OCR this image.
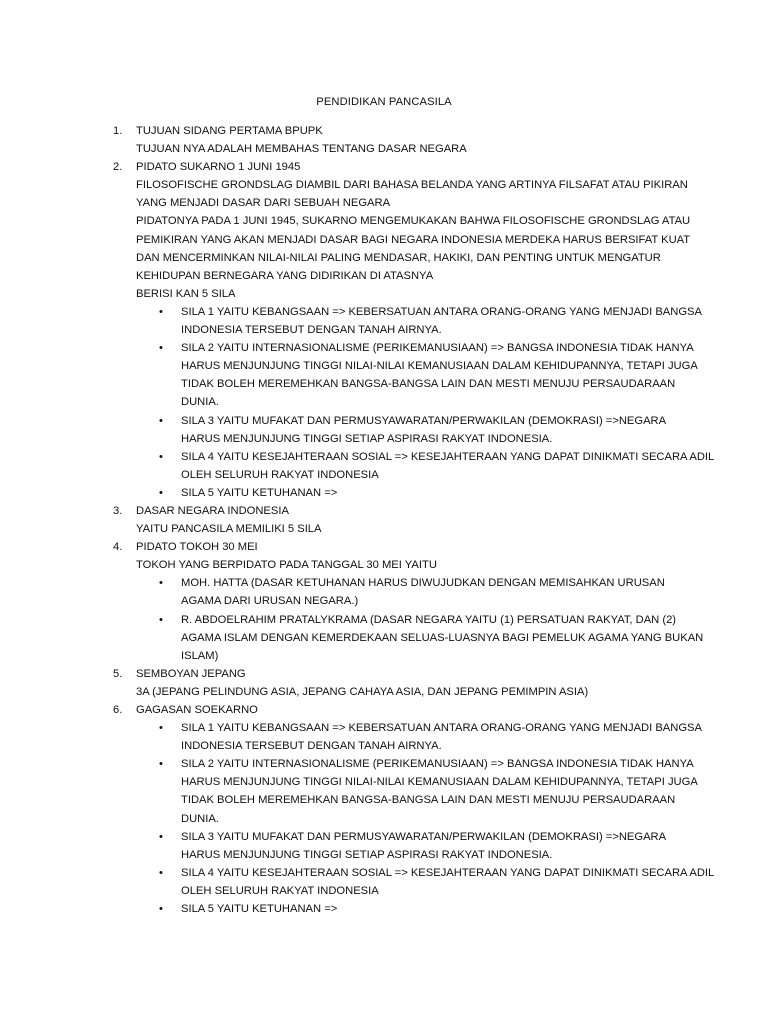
PENDIDIKAN PANCASILA
1.	TUJUAN SIDANG PERTAMA BPUPK
TUJUAN NYA ADALAH MEMBAHAS TENTANG DASAR NEGARA
2.	PIDATO SUKARNO 1 JUNI 1945
FILOSOFISCHE GRONDSLAG DIAMBIL DARI BAHASA BELANDA YANG ARTINYA FILSAFAT ATAU PIKIRAN
YANG MENJADI DASAR DARI SEBUAH NEGARA
PIDATONYA PADA 1 JUNI 1945, SUKARNO MENGEMUKAKAN BAHWA FILOSOFISCHE GRONDSLAG ATAU
PEMIKIRAN YANG AKAN MENJADI DASAR BAGI NEGARA INDONESIA MERDEKA HARUS BERSIFAT KUAT
DAN MENCERMINKAN NILAI-NILAI PALING MENDASAR, HAKIKI, DAN PENTING UNTUK MENGATUR
KEHIDUPAN BERNEGARA YANG DIDIRIKAN DI ATASNYA
BERISI KAN 5 SILA
•	SILA 1 YAITU KEBANGSAAN => KEBERSATUAN ANTARA ORANG-ORANG YANG MENJADI BANGSA
INDONESIA TERSEBUT DENGAN TANAH AIRNYA.
•	SILA 2 YAITU INTERNASIONALISME (PERIKEMANUSIAAN) => BANGSA INDONESIA TIDAK HANYA
HARUS MENJUNJUNG TINGGI NILAI-NILAI KEMANUSIAAN DALAM KEHIDUPANNYA, TETAPI JUGA
TIDAK BOLEH MEREMEHKAN BANGSA-BANGSA LAIN DAN MESTI MENUJU PERSAUDARAAN
DUNIA.
•	SILA 3 YAITU MUFAKAT DAN PERMUSYAWARATAN/PERWAKILAN (DEMOKRASI) =>NEGARA
HARUS MENJUNJUNG TINGGI SETIAP ASPIRASI RAKYAT INDONESIA.
•	SILA 4 YAITU KESEJAHTERAAN SOSIAL => KESEJAHTERAAN YANG DAPAT DINIKMATI SECARA ADIL
OLEH SELURUH RAKYAT INDONESIA
•	SILA 5 YAITU KETUHANAN =>
3.	DASAR NEGARA INDONESIA
YAITU PANCASILA MEMILIKI 5 SILA
4.	PIDATO TOKOH 30 MEI
TOKOH YANG BERPIDATO PADA TANGGAL 30 MEI YAITU
•	MOH. HATTA (DASAR KETUHANAN HARUS DIWUJUDKAN DENGAN MEMISAHKAN URUSAN
AGAMA DARI URUSAN NEGARA.)
•	R. ABDOELRAHIM PRATALYKRAMA (DASAR NEGARA YAITU (1) PERSATUAN RAKYAT, DAN (2)
AGAMA ISLAM DENGAN KEMERDEKAAN SELUAS-LUASNYA BAGI PEMELUK AGAMA YANG BUKAN
ISLAM)
5.	SEMBOYAN JEPANG
3A (JEPANG PELINDUNG ASIA, JEPANG CAHAYA ASIA, DAN JEPANG PEMIMPIN ASIA)
6.	GAGASAN SOEKARNO
•	SILA 1 YAITU KEBANGSAAN => KEBERSATUAN ANTARA ORANG-ORANG YANG MENJADI BANGSA
INDONESIA TERSEBUT DENGAN TANAH AIRNYA.
•	SILA 2 YAITU INTERNASIONALISME (PERIKEMANUSIAAN) => BANGSA INDONESIA TIDAK HANYA
HARUS MENJUNJUNG TINGGI NILAI-NILAI KEMANUSIAAN DALAM KEHIDUPANNYA, TETAPI JUGA
TIDAK BOLEH MEREMEHKAN BANGSA-BANGSA LAIN DAN MESTI MENUJU PERSAUDARAAN
DUNIA.
•	SILA 3 YAITU MUFAKAT DAN PERMUSYAWARATAN/PERWAKILAN (DEMOKRASI) =>NEGARA
HARUS MENJUNJUNG TINGGI SETIAP ASPIRASI RAKYAT INDONESIA.
•	SILA 4 YAITU KESEJAHTERAAN SOSIAL => KESEJAHTERAAN YANG DAPAT DINIKMATI SECARA ADIL
OLEH SELURUH RAKYAT INDONESIA
•	SILA 5 YAITU KETUHANAN =>
